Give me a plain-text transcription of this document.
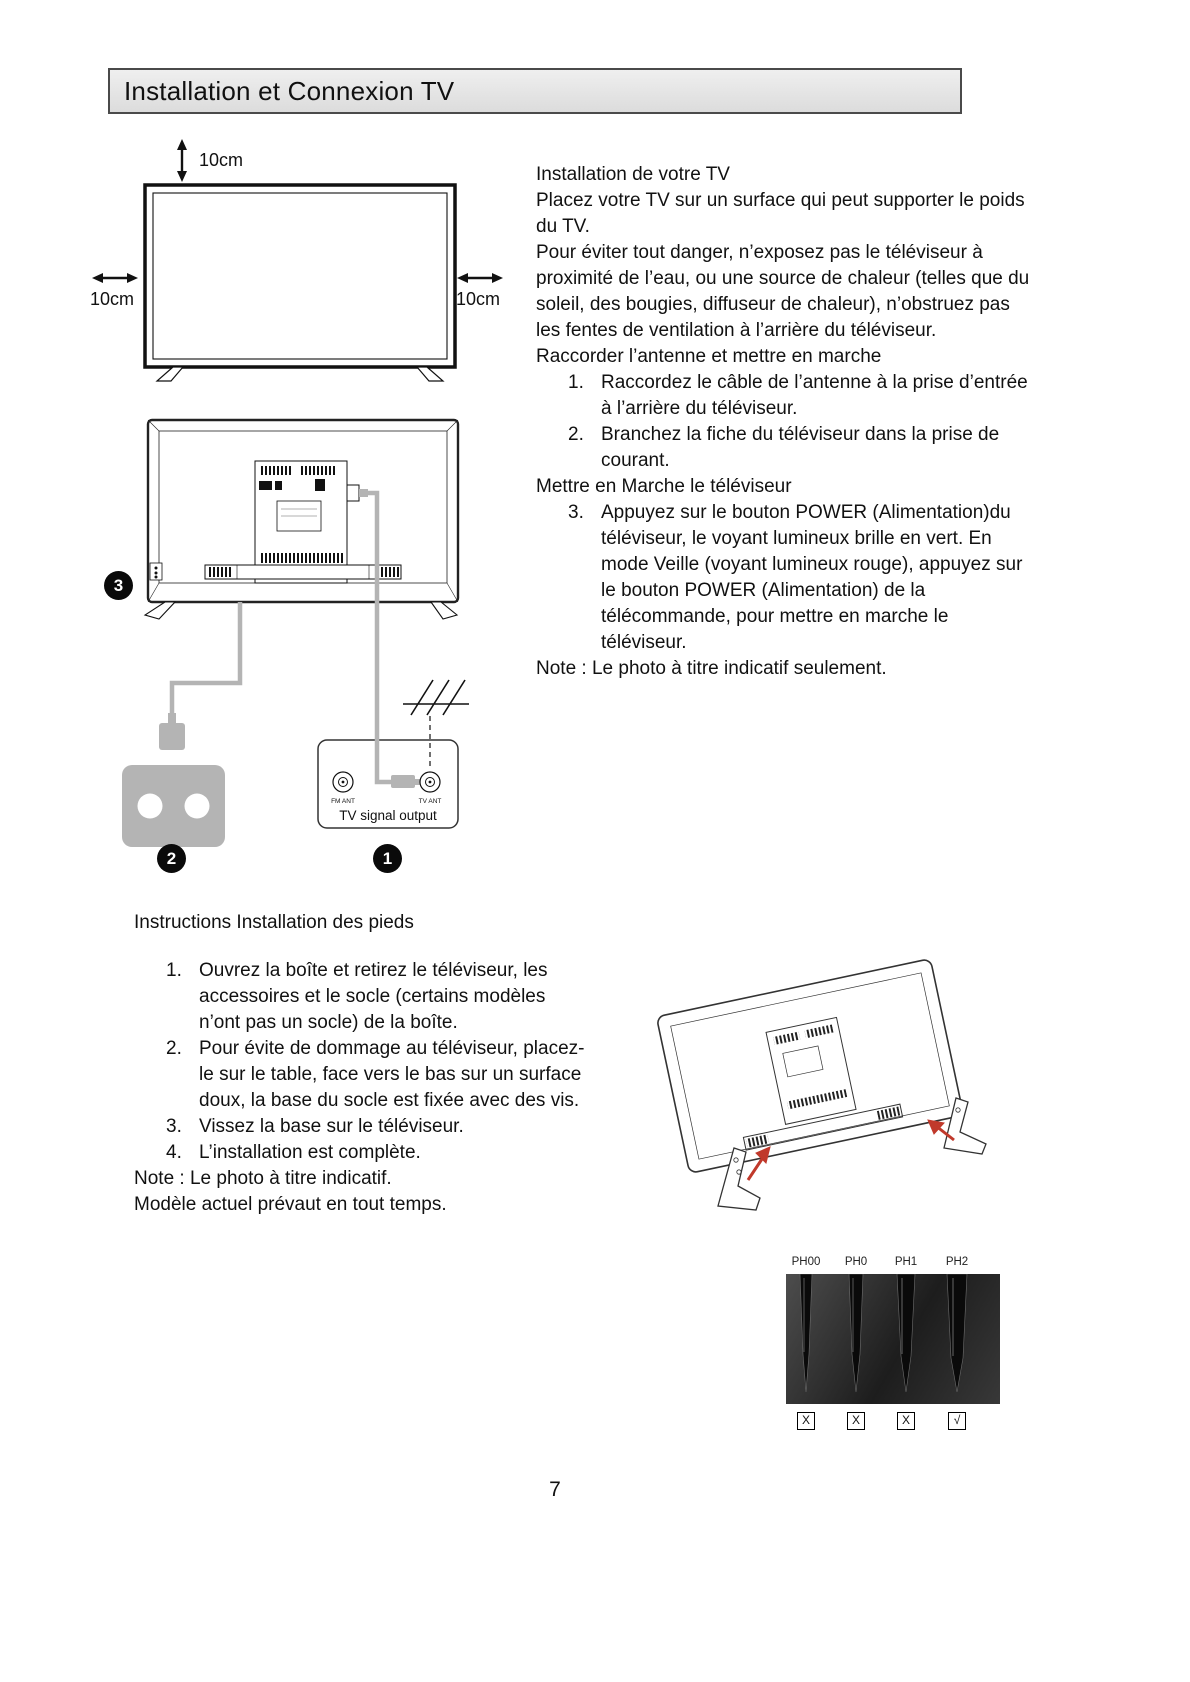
Installation et Connexion TV
10cm
10cm	10cm
FM ANT	TV ANT
TV signal output
3
2	1

Installation de votre TV

Placez votre TV sur un surface qui peut supporter le poids du TV.

Pour éviter tout danger, n’exposez pas le téléviseur à proximité de l’eau, ou une source de chaleur (telles que du soleil, des bougies, diffuseur de chaleur), n’obstruez pas les fentes de ventilation à l’arrière du téléviseur.

Raccorder l’antenne et mettre en marche

1. Raccordez le câble de l’antenne à la prise d’entrée à l’arrière du téléviseur.
2. Branchez la fiche du téléviseur dans la prise de courant.

Mettre en Marche le téléviseur

3. Appuyez sur le bouton POWER (Alimentation)du téléviseur, le voyant lumineux brille en vert. En mode Veille (voyant lumineux rouge), appuyez sur le bouton POWER (Alimentation) de la télécommande, pour mettre en marche le téléviseur.

Note : Le photo à titre indicatif seulement.

Instructions Installation des pieds

1. Ouvrez la boîte et retirez le téléviseur, les accessoires et le socle (certains modèles n’ont pas un socle) de la boîte.
2. Pour évite de dommage au téléviseur, placez-le sur le table, face vers le bas sur un surface doux, la base du socle est fixée avec des vis.
3. Vissez la base sur le téléviseur.
4. L’installation est complète.

Note : Le photo à titre indicatif.

Modèle actuel prévaut en tout temps.

PH00	PH0	PH1	PH2
X	X	X	√
7
